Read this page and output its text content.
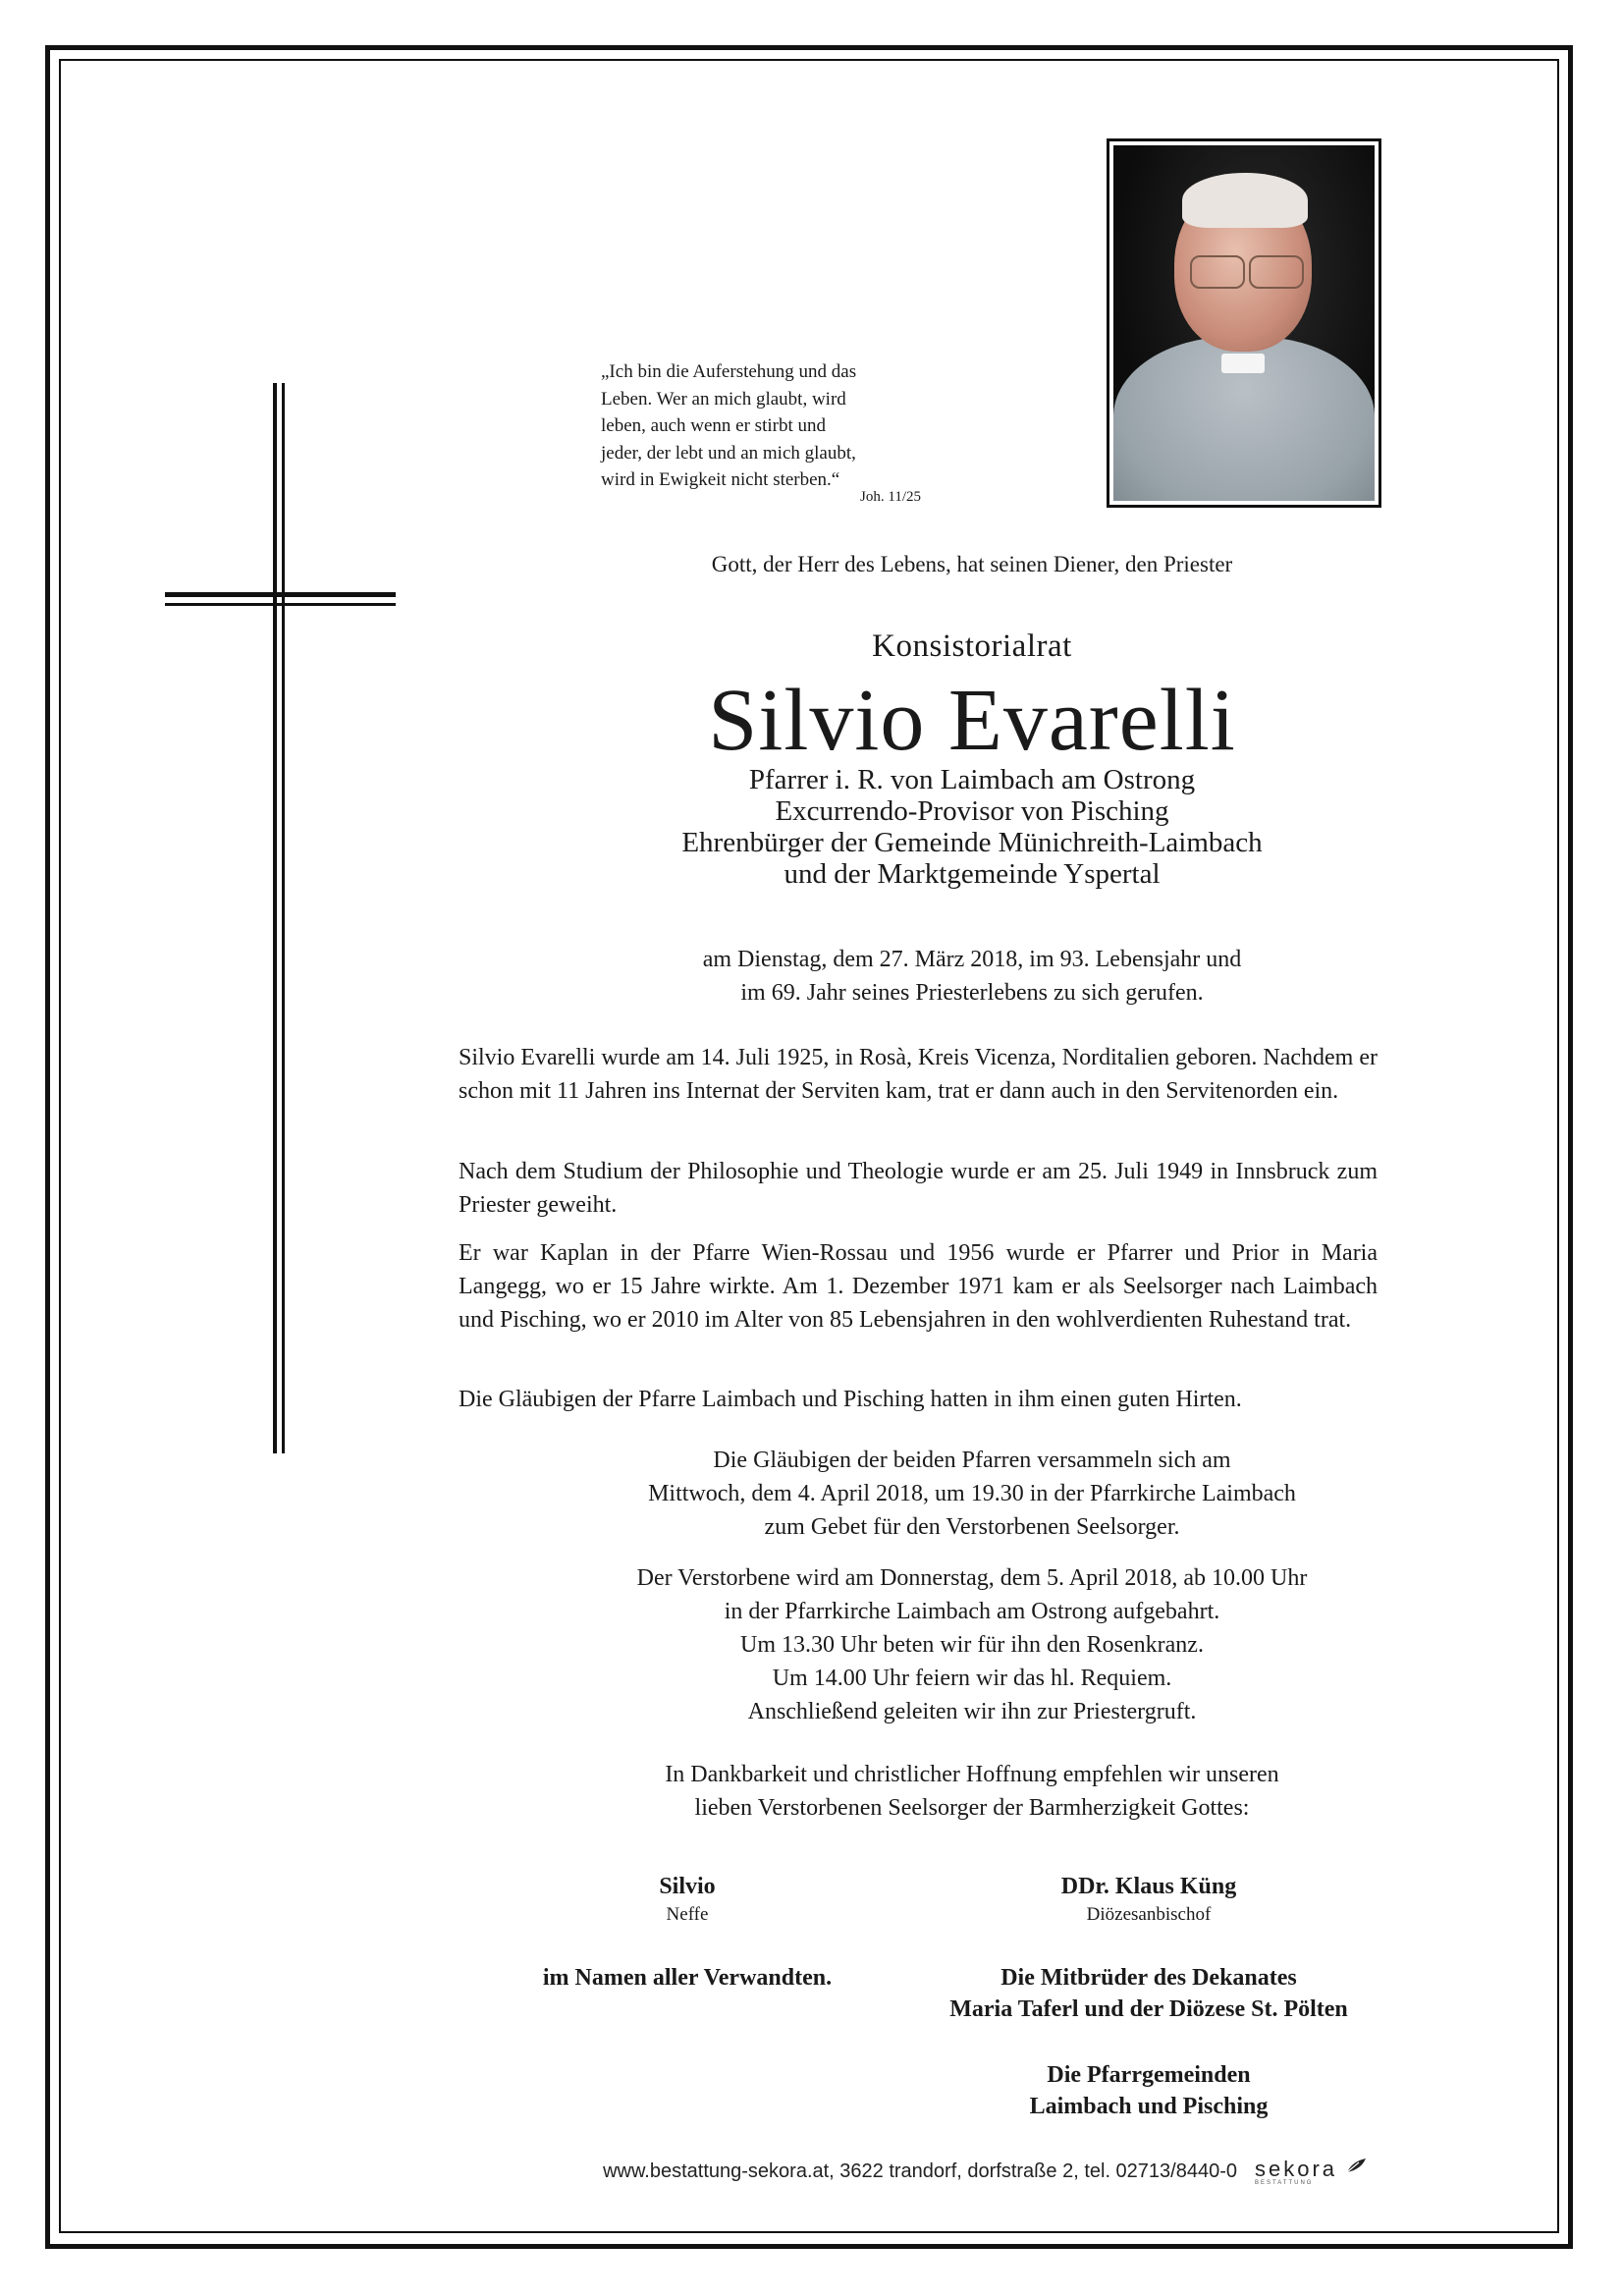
„Ich bin die Auferstehung und das
Leben. Wer an mich glaubt, wird
leben, auch wenn er stirbt und
jeder, der lebt und an mich glaubt,
wird in Ewigkeit nicht sterben.“
Joh. 11/25
Gott, der Herr des Lebens, hat seinen Diener, den Priester
Konsistorialrat
Silvio Evarelli
Pfarrer i. R. von Laimbach am Ostrong
Excurrendo-Provisor von Pisching
Ehrenbürger der Gemeinde Münichreith-Laimbach
und der Marktgemeinde Yspertal
am Dienstag, dem 27. März 2018, im 93. Lebensjahr und
im 69. Jahr seines Priesterlebens zu sich gerufen.

Silvio Evarelli wurde am 14. Juli 1925, in Rosà, Kreis Vicenza, Norditalien geboren. Nachdem er schon mit 11 Jahren ins Internat der Serviten kam, trat er dann auch in den Servitenorden ein.

Nach dem Studium der Philosophie und Theologie wurde er am 25. Juli 1949 in Innsbruck zum Priester geweiht.

Er war Kaplan in der Pfarre Wien-Rossau und 1956 wurde er Pfarrer und Prior in Maria Langegg, wo er 15 Jahre wirkte. Am 1. Dezember 1971 kam er als Seelsorger nach Laimbach und Pisching, wo er 2010 im Alter von 85 Lebensjahren in den wohlverdienten Ruhestand trat.

Die Gläubigen der Pfarre Laimbach und Pisching hatten in ihm einen guten Hirten.

Die Gläubigen der beiden Pfarren versammeln sich am
Mittwoch, dem 4. April 2018, um 19.30 in der Pfarrkirche Laimbach
zum Gebet für den Verstorbenen Seelsorger.
Der Verstorbene wird am Donnerstag, dem 5. April 2018, ab 10.00 Uhr
in der Pfarrkirche Laimbach am Ostrong aufgebahrt.
Um 13.30 Uhr beten wir für ihn den Rosenkranz.
Um 14.00 Uhr feiern wir das hl. Requiem.
Anschließend geleiten wir ihn zur Priestergruft.
In Dankbarkeit und christlicher Hoffnung empfehlen wir unseren
lieben Verstorbenen Seelsorger der Barmherzigkeit Gottes:
Silvio
Neffe
DDr. Klaus Küng
Diözesanbischof
im Namen aller Verwandten.	Die Mitbrüder des Dekanates
Maria Taferl und der Diözese St. Pölten
Die Pfarrgemeinden
Laimbach und Pisching
www.bestattung-sekora.at, 3622 trandorf, dorfstraße 2, tel. 02713/8440-0 sekora
BESTATTUNG
